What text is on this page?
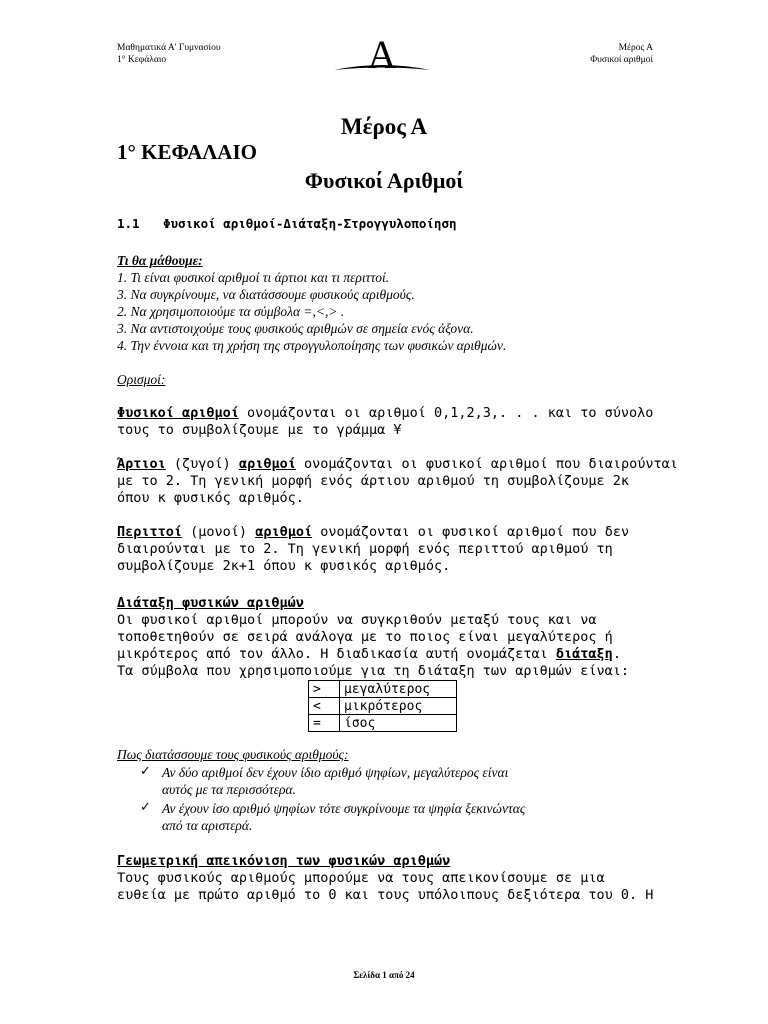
Μαθηματικά Α' Γυμνασίου
1° Κεφάλαιο	A	Μέρος Α
Φυσικοί αριθμοί
Μέρος Α
1° ΚΕΦΑΛΑΙΟ
Φυσικοί Αριθμοί
1.1 Φυσικοί αριθμοί-Διάταξη-Στρογγυλοποίηση
Τι θα μάθουμε:
1. Τι είναι φυσικοί αριθμοί τι άρτιοι και τι περιττοί.
3. Να συγκρίνουμε, να διατάσσουμε φυσικούς αριθμούς.
2. Να χρησιμοποιούμε τα σύμβολα =,<,> .
3. Να αντιστοιχούμε τους φυσικούς αριθμών σε σημεία ενός άξονα.
4. Την έννοια και τη χρήση της στρογγυλοποίησης των φυσικών αριθμών.
Ορισμοί:
Φυσικοί αριθμοί ονομάζονται οι αριθμοί 0,1,2,3,. . . και το σύνολο
τους το συμβολίζουμε με το γράμμα ¥
Άρτιοι (ζυγοί) αριθμοί ονομάζονται οι φυσικοί αριθμοί που διαιρούνται
με το 2. Τη γενική μορφή ενός άρτιου αριθμού τη συμβολίζουμε 2κ
όπου κ φυσικός αριθμός.
Περιττοί (μονοί) αριθμοί ονομάζονται οι φυσικοί αριθμοί που δεν
διαιρούνται με το 2. Τη γενική μορφή ενός περιττού αριθμού τη
συμβολίζουμε 2κ+1 όπου κ φυσικός αριθμός.
Διάταξη φυσικών αριθμών
Οι φυσικοί αριθμοί μπορούν να συγκριθούν μεταξύ τους και να
τοποθετηθούν σε σειρά ανάλογα με το ποιος είναι μεγαλύτερος ή
μικρότερος από τον άλλο. Η διαδικασία αυτή ονομάζεται διάταξη.
Τα σύμβολα που χρησιμοποιούμε για τη διάταξη των αριθμών είναι:
>	μεγαλύτερος
<	μικρότερος
=	ίσος
Πως διατάσσουμε τους φυσικούς αριθμούς:
✓ Αν δύο αριθμοί δεν έχουν ίδιο αριθμό ψηφίων, μεγαλύτερος είναι
αυτός με τα περισσότερα.
✓ Αν έχουν ίσο αριθμό ψηφίων τότε συγκρίνουμε τα ψηφία ξεκινώντας
από τα αριστερά.
Γεωμετρική απεικόνιση των φυσικών αριθμών
Τους φυσικούς αριθμούς μπορούμε να τους απεικονίσουμε σε μια
ευθεία με πρώτο αριθμό το 0 και τους υπόλοιπους δεξιότερα του 0. Η
Σελίδα 1 από 24
